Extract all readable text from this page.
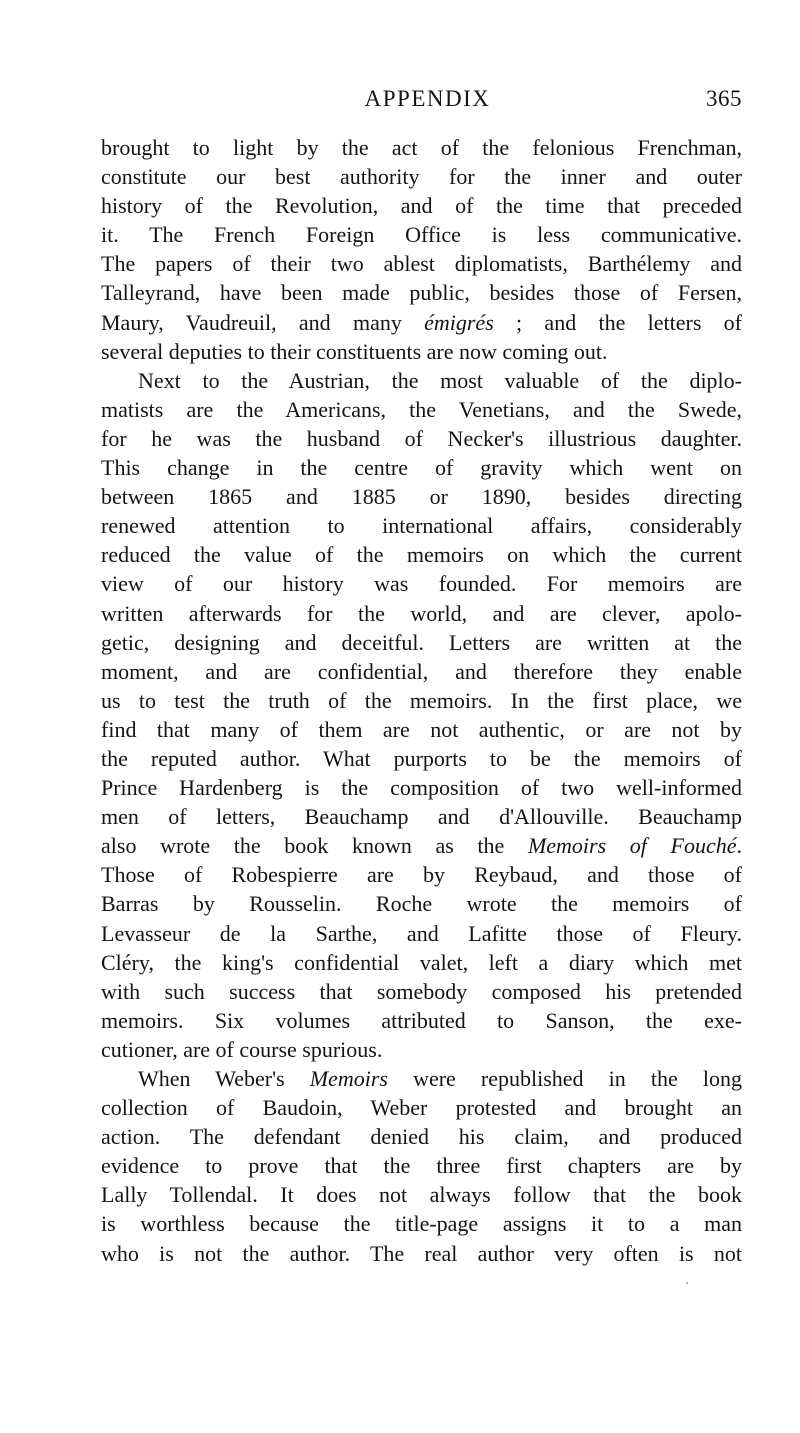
APPENDIX	365
brought to light by the act of the felonious Frenchman,
constitute our best authority for the inner and outer
history of the Revolution, and of the time that preceded
it. The French Foreign Office is less communicative.
The papers of their two ablest diplomatists, Barthélemy and
Talleyrand, have been made public, besides those of Fersen,
Maury, Vaudreuil, and many émigrés ; and the letters of
several deputies to their constituents are now coming out.
Next to the Austrian, the most valuable of the diplo-
matists are the Americans, the Venetians, and the Swede,
for he was the husband of Necker's illustrious daughter.
This change in the centre of gravity which went on
between 1865 and 1885 or 1890, besides directing
renewed attention to international affairs, considerably
reduced the value of the memoirs on which the current
view of our history was founded. For memoirs are
written afterwards for the world, and are clever, apolo-
getic, designing and deceitful. Letters are written at the
moment, and are confidential, and therefore they enable
us to test the truth of the memoirs. In the first place, we
find that many of them are not authentic, or are not by
the reputed author. What purports to be the memoirs of
Prince Hardenberg is the composition of two well-informed
men of letters, Beauchamp and d'Allouville. Beauchamp
also wrote the book known as the Memoirs of Fouché.
Those of Robespierre are by Reybaud, and those of
Barras by Rousselin. Roche wrote the memoirs of
Levasseur de la Sarthe, and Lafitte those of Fleury.
Cléry, the king's confidential valet, left a diary which met
with such success that somebody composed his pretended
memoirs. Six volumes attributed to Sanson, the exe-
cutioner, are of course spurious.
When Weber's Memoirs were republished in the long
collection of Baudoin, Weber protested and brought an
action. The defendant denied his claim, and produced
evidence to prove that the three first chapters are by
Lally Tollendal. It does not always follow that the book
is worthless because the title-page assigns it to a man
who is not the author. The real author very often is not
